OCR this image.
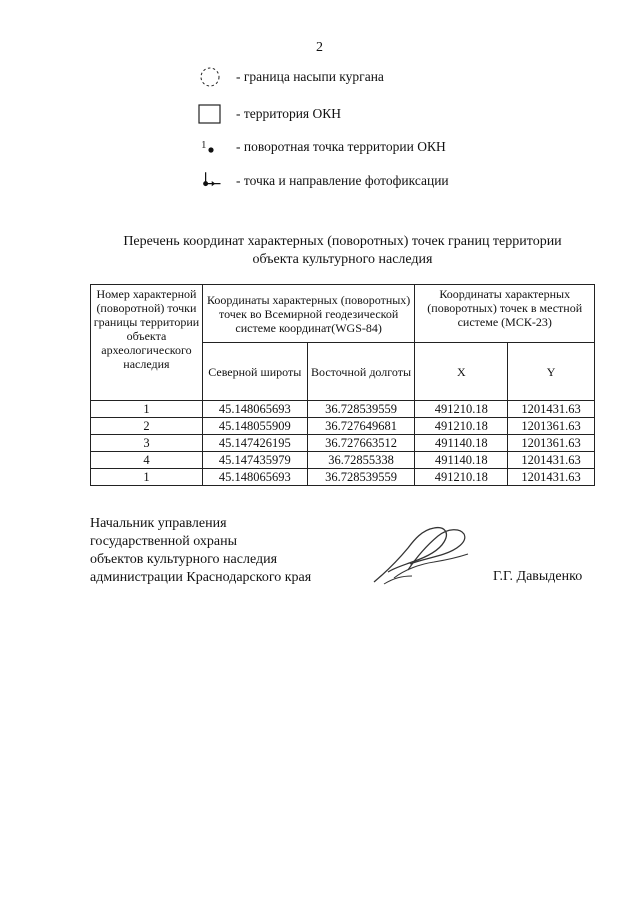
2
- граница насыпи кургана
- территория ОКН
1 - поворотная точка территории ОКН
- точка и направление фотофиксации
Перечень координат характерных (поворотных) точек границ территории
объекта культурного наследия
Номер характерной (поворотной) точки границы территории объекта археологического наследия	Координаты характерных (поворотных) точек во Всемирной геодезической системе координат(WGS-84)		Координаты характерных (поворотных) точек в местной системе (МСК-23)	
	Северной широты	Восточной долготы	X	Y
1	45.148065693	36.728539559	491210.18	1201431.63
2	45.148055909	36.727649681	491210.18	1201361.63
3	45.147426195	36.727663512	491140.18	1201361.63
4	45.147435979	36.72855338	491140.18	1201431.63
1	45.148065693	36.728539559	491210.18	1201431.63
Начальник управления
государственной охраны
объектов культурного наследия
администрации Краснодарского края	Г.Г. Давыденко
